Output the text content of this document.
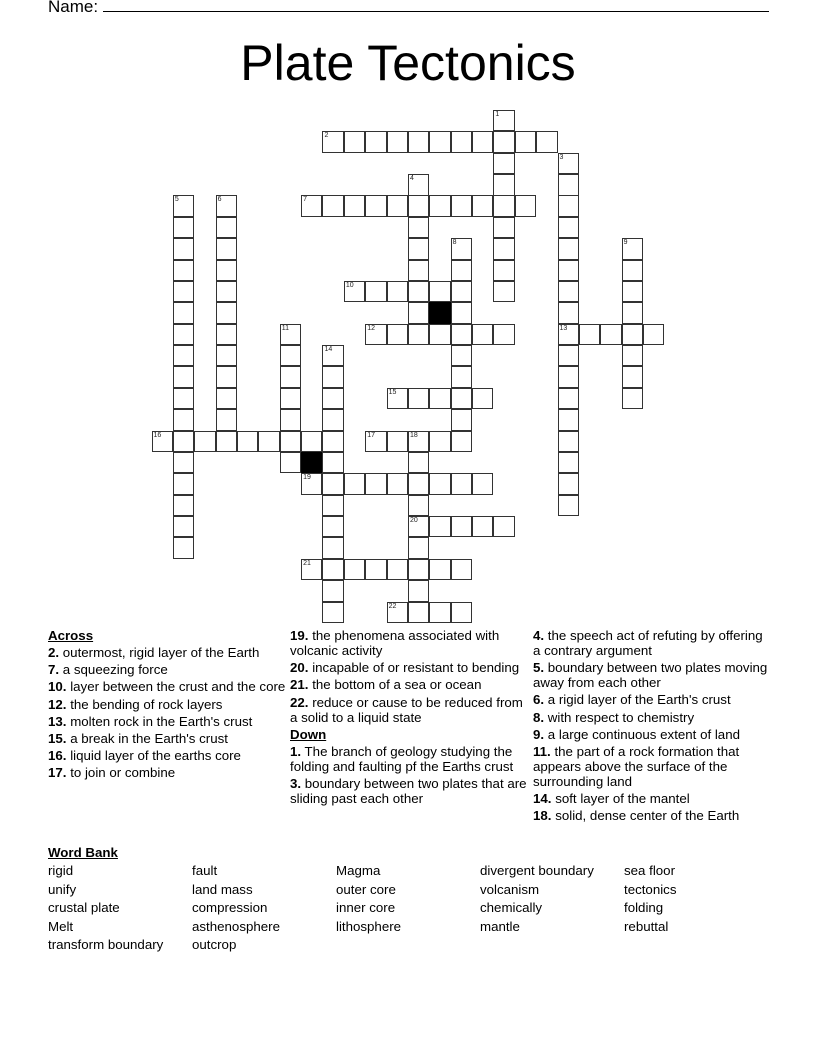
Name:
Plate Tectonics
1
2
3
13
4
5	6	7
8	9
10
11	12
14
15
16	17	18
20
19
21
22
Across
2. outermost, rigid layer of the Earth
7. a squeezing force
10. layer between the crust and the core
12. the bending of rock layers
13. molten rock in the Earth's crust
15. a break in the Earth's crust
16. liquid layer of the earths core
17. to join or combine
19. the phenomena associated with volcanic activity
20. incapable of or resistant to bending
21. the bottom of a sea or ocean
22. reduce or cause to be reduced from a solid to a liquid state
Down
1. The branch of geology studying the folding and faulting pf the Earths crust
3. boundary between two plates that are sliding past each other
4. the speech act of refuting by offering a contrary argument
5. boundary between two plates moving away from each other
6. a rigid layer of the Earth's crust
8. with respect to chemistry
9. a large continuous extent of land
11. the part of a rock formation that appears above the surface of the surrounding land
14. soft layer of the mantel
18. solid, dense center of the Earth
Word Bank
rigid
unify
crustal plate
Melt
transform boundary
fault
land mass
compression
asthenosphere
outcrop
Magma
outer core
inner core
lithosphere
divergent boundary
volcanism
chemically
mantle
sea floor
tectonics
folding
rebuttal
